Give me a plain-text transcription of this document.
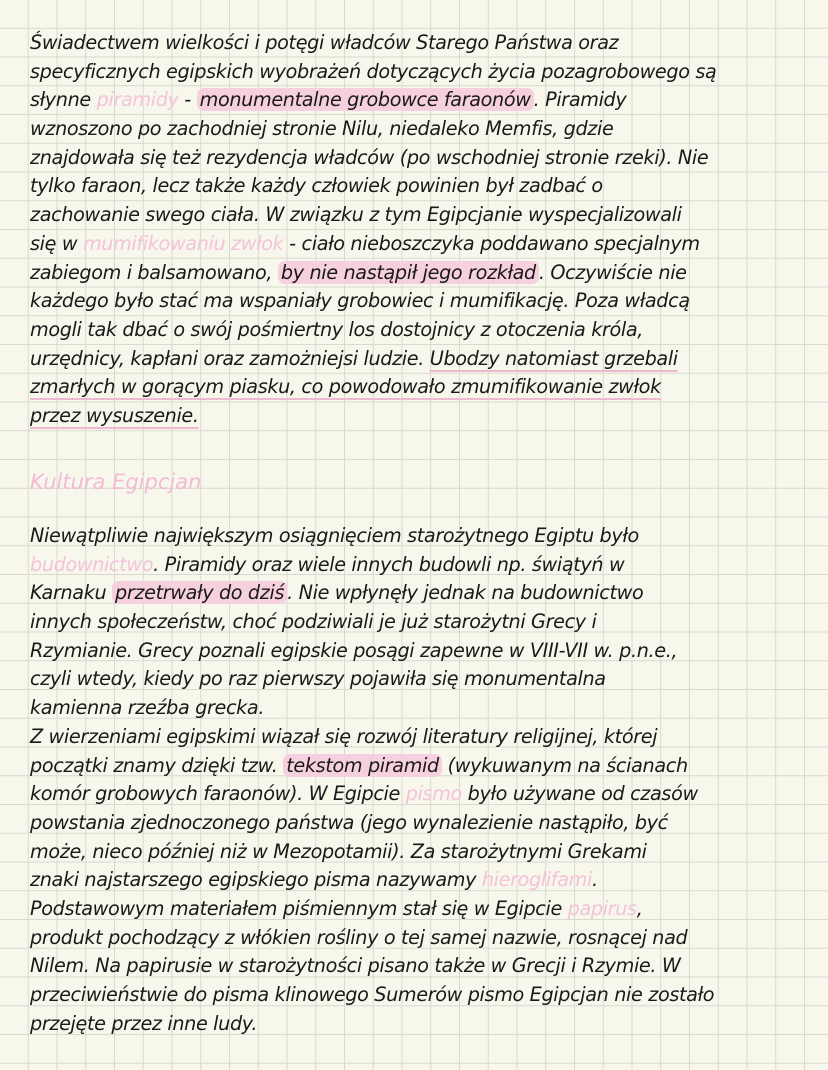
Świadectwem wielkości i potęgi władców Starego Państwa oraz
specyficznych egipskich wyobrażeń dotyczących życia pozagrobowego są
słynne piramidy - monumentalne grobowce faraonów . Piramidy
wznoszono po zachodniej stronie Nilu, niedaleko Memfis, gdzie
znajdowała się też rezydencja władców (po wschodniej stronie rzeki). Nie
tylko faraon, lecz także każdy człowiek powinien był zadbać o
zachowanie swego ciała. W związku z tym Egipcjanie wyspecjalizowali
się w mumifikowaniu zwłok - ciało nieboszczyka poddawano specjalnym
zabiegom i balsamowano, by nie nastąpił jego rozkład . Oczywiście nie
każdego było stać ma wspaniały grobowiec i mumifikację. Poza władcą
mogli tak dbać o swój pośmiertny los dostojnicy z otoczenia króla,
urzędnicy, kapłani oraz zamożniejsi ludzie. Ubodzy natomiast grzebali
zmarłych w gorącym piasku, co powodowało zmumifikowanie zwłok
przez wysuszenie.
Kultura Egipcjan
Niewątpliwie największym osiągnięciem starożytnego Egiptu było
budownictwo. Piramidy oraz wiele innych budowli np. świątyń w
Karnaku przetrwały do dziś . Nie wpłynęły jednak na budownictwo
innych społeczeństw, choć podziwiali je już starożytni Grecy i
Rzymianie. Grecy poznali egipskie posągi zapewne w VIII-VII w. p.n.e.,
czyli wtedy, kiedy po raz pierwszy pojawiła się monumentalna
kamienna rzeźba grecka.
Z wierzeniami egipskimi wiązał się rozwój literatury religijnej, której
początki znamy dzięki tzw. tekstom piramid (wykuwanym na ścianach
komór grobowych faraonów). W Egipcie pismo było używane od czasów
powstania zjednoczonego państwa (jego wynalezienie nastąpiło, być
może, nieco później niż w Mezopotamii). Za starożytnymi Grekami
znaki najstarszego egipskiego pisma nazywamy hieroglifami.
Podstawowym materiałem piśmiennym stał się w Egipcie papirus,
produkt pochodzący z włókien rośliny o tej samej nazwie, rosnącej nad
Nilem. Na papirusie w starożytności pisano także w Grecji i Rzymie. W
przeciwieństwie do pisma klinowego Sumerów pismo Egipcjan nie zostało
przejęte przez inne ludy.
